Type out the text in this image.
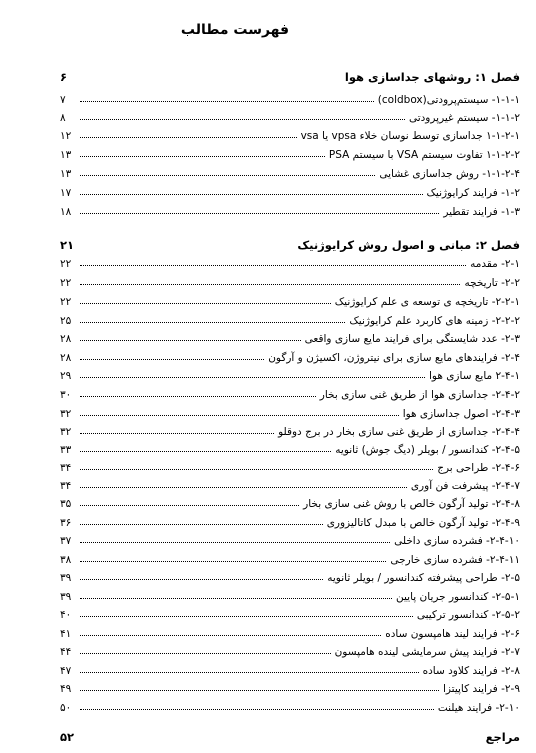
فهرست مطالب
فصل ۱: روشهای جداسازی هوا
۶
۱-۱-۱- سیستم‌پرودتی(coldbox)
۷
۱-۱-۲- سیستم غیرپرودتی
۸
۱-۱-۲-۱ جداسازی توسط نوسان خلاء vpsa یا vsa
۱۲
۱-۱-۲-۲ تفاوت سیستم VSA با سیستم PSA
۱۳
۱-۱-۲-۴- روش جداسازی غشایی
۱۳
۱-۲- فرایند کرایوژنیک
۱۷
۱-۳- فرایند تقطیر
۱۸
فصل ۲: مبانی و اصول روش کرایوژنیک
۲۱
۲-۱- مقدمه
۲۲
۲-۲- تاریخچه
۲۲
۲-۲-۱- تاریخچه ی توسعه ی علم کرایوژنیک
۲۲
۲-۲-۲- زمینه های کاربرد علم کرایوژنیک
۲۵
۲-۳- عدد شایستگی برای فرایند مایع سازی واقعی
۲۸
۲-۴- فرایندهای مایع سازی برای نیتروژن، اکسیژن و آرگون
۲۸
۲-۴-۱ مایع سازی هوا
۲۹
۲-۴-۲- جداسازی هوا از طریق غنی سازی بخار
۳۰
۲-۴-۳- اصول جداسازی هوا
۳۲
۲-۴-۴- جداسازی از طریق غنی سازی بخار در برج دوقلو
۳۲
۲-۴-۵- کندانسور / بویلر (دیگ جوش) ثانویه
۳۳
۲-۴-۶- طراحی برج
۳۴
۲-۴-۷- پیشرفت فن آوری
۳۴
۲-۴-۸- تولید آرگون خالص با روش غنی سازی بخار
۳۵
۲-۴-۹- تولید آرگون خالص با مبدل کاتالیزوری
۳۶
۲-۴-۱۰- فشرده سازی داخلی
۳۷
۲-۴-۱۱- فشرده سازی خارجی
۳۸
۲-۵- طراحی پیشرفته کندانسور / بویلر ثانویه
۳۹
۲-۵-۱- کندانسور جریان پایین
۳۹
۲-۵-۲- کندانسور ترکیبی
۴۰
۲-۶- فرایند لیند هامپسون ساده
۴۱
۲-۷- فرایند پیش سرمایشی لینده هامپسون
۴۴
۲-۸- فرایند کلاود ساده
۴۷
۲-۹- فرایند کاپیتزا
۴۹
۲-۱۰- فرایند هیلنت
۵۰
مراجع
۵۲
